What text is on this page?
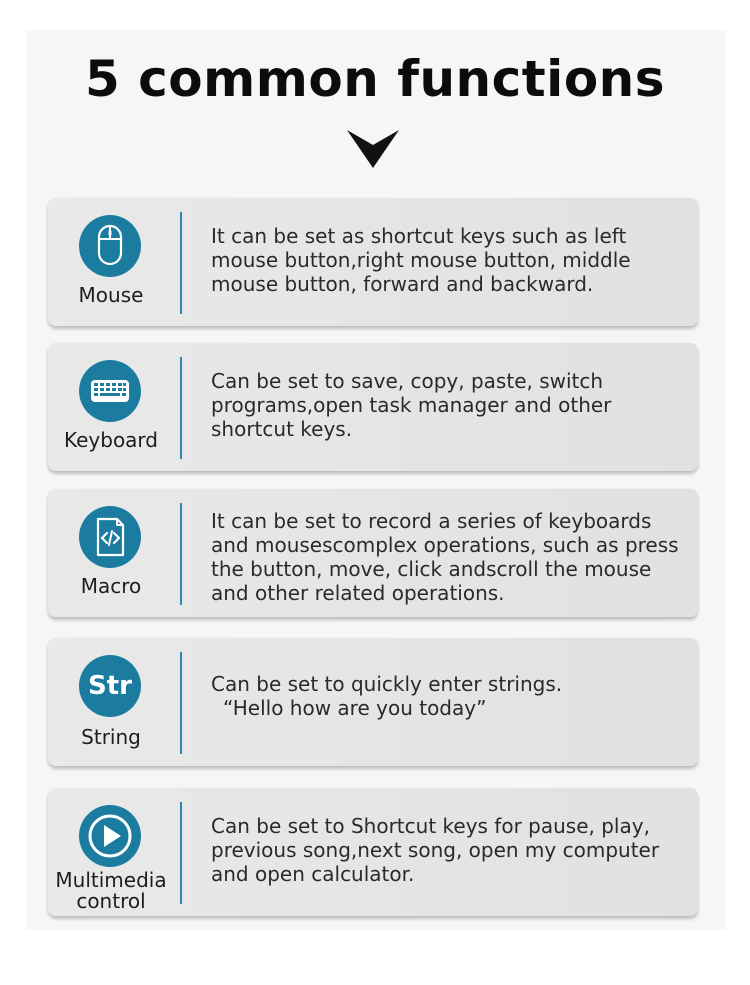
5 common functions
Mouse

It can be set as shortcut keys such as left mouse button,right mouse button, middle mouse button, forward and backward.

Keyboard

Can be set to save, copy, paste, switch programs,open task manager and other shortcut keys.

Macro

It can be set to record a series of keyboards and mousescomplex operations, such as press the button, move, click andscroll the mouse and other related operations.

Str
String

Can be set to quickly enter strings.
“Hello how are you today”

Multimedia control

Can be set to Shortcut keys for pause, play, previous song,next song, open my computer and open calculator.
